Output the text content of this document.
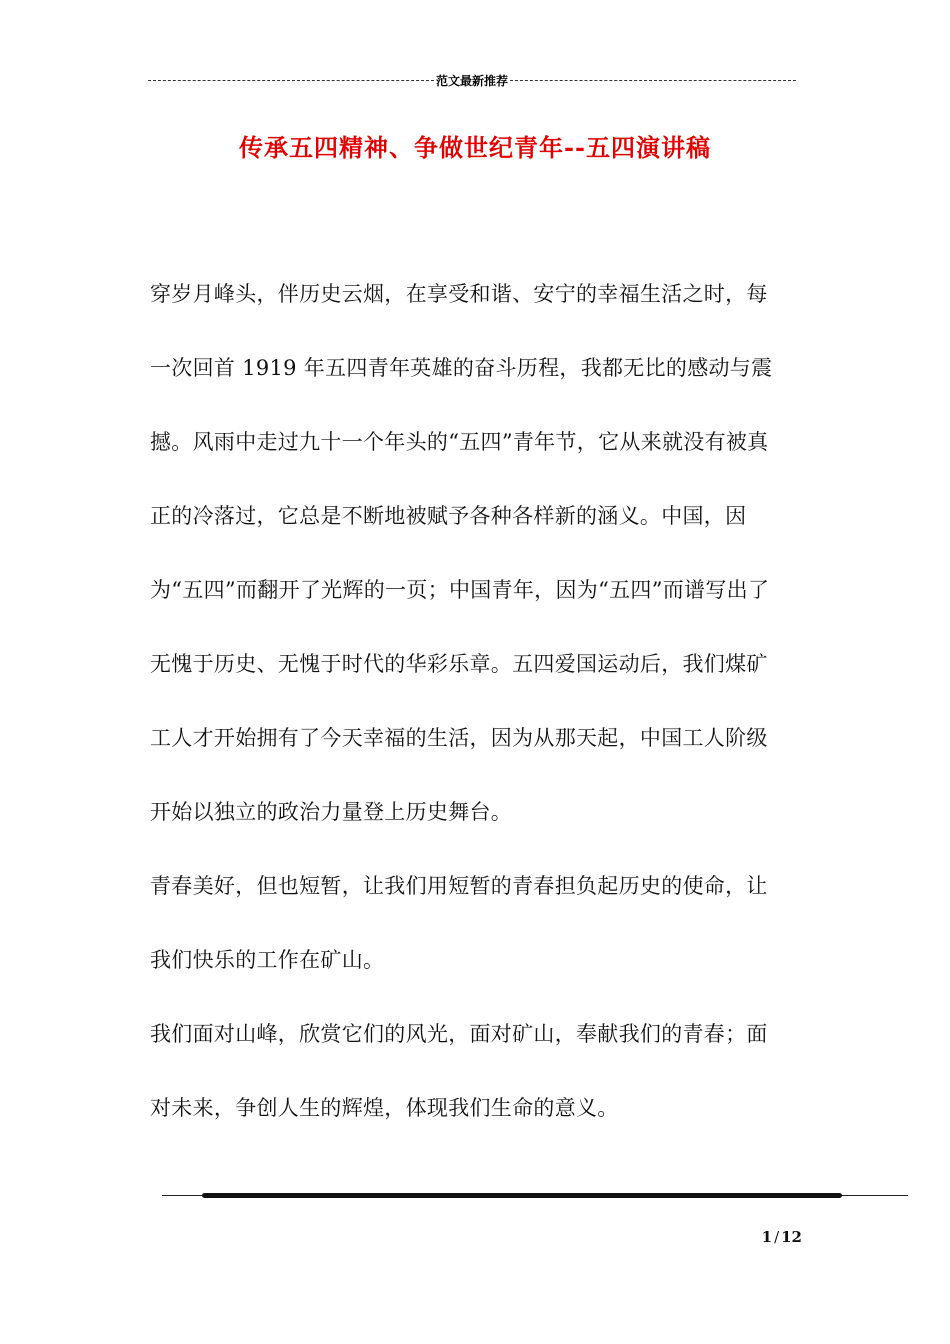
范文最新推荐
传承五四精神、争做世纪青年--五四演讲稿
穿岁月峰头，伴历史云烟，在享受和谐、安宁的幸福生活之时，每
一次回首 1919 年五四青年英雄的奋斗历程，我都无比的感动与震
撼。风雨中走过九十一个年头的“五四”青年节，它从来就没有被真
正的冷落过，它总是不断地被赋予各种各样新的涵义。中国，因
为“五四”而翻开了光辉的一页；中国青年，因为“五四”而谱写出了
无愧于历史、无愧于时代的华彩乐章。五四爱国运动后，我们煤矿
工人才开始拥有了今天幸福的生活，因为从那天起，中国工人阶级
开始以独立的政治力量登上历史舞台。
青春美好，但也短暂，让我们用短暂的青春担负起历史的使命，让
我们快乐的工作在矿山。
我们面对山峰，欣赏它们的风光，面对矿山，奉献我们的青春；面
对未来，争创人生的辉煌，体现我们生命的意义。
1 / 12
